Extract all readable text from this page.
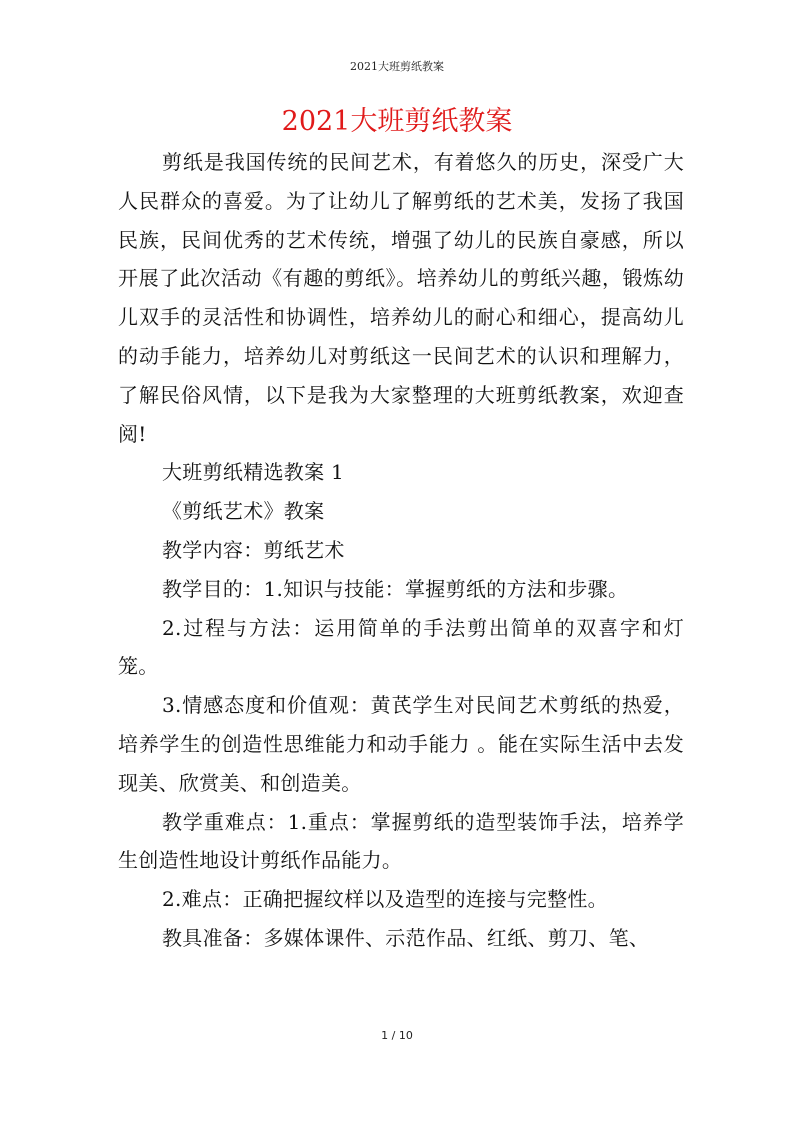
2021大班剪纸教案
2021大班剪纸教案

剪纸是我国传统的民间艺术，有着悠久的历史，深受广大人民群众的喜爱。为了让幼儿了解剪纸的艺术美，发扬了我国民族，民间优秀的艺术传统，增强了幼儿的民族自豪感，所以开展了此次活动《有趣的剪纸》。培养幼儿的剪纸兴趣，锻炼幼儿双手的灵活性和协调性，培养幼儿的耐心和细心，提高幼儿的动手能力，培养幼儿对剪纸这一民间艺术的认识和理解力，了解民俗风情，以下是我为大家整理的大班剪纸教案，欢迎查阅!

大班剪纸精选教案 1

《剪纸艺术》教案

教学内容：剪纸艺术

教学目的：1.知识与技能：掌握剪纸的方法和步骤。

2.过程与方法：运用简单的手法剪出简单的双喜字和灯笼。

3.情感态度和价值观：黄芪学生对民间艺术剪纸的热爱，培养学生的创造性思维能力和动手能力 。能在实际生活中去发现美、欣赏美、和创造美。

教学重难点：1.重点：掌握剪纸的造型装饰手法，培养学生创造性地设计剪纸作品能力。

2.难点：正确把握纹样以及造型的连接与完整性。

教具准备：多媒体课件、示范作品、红纸、剪刀、笔、

1 / 10
